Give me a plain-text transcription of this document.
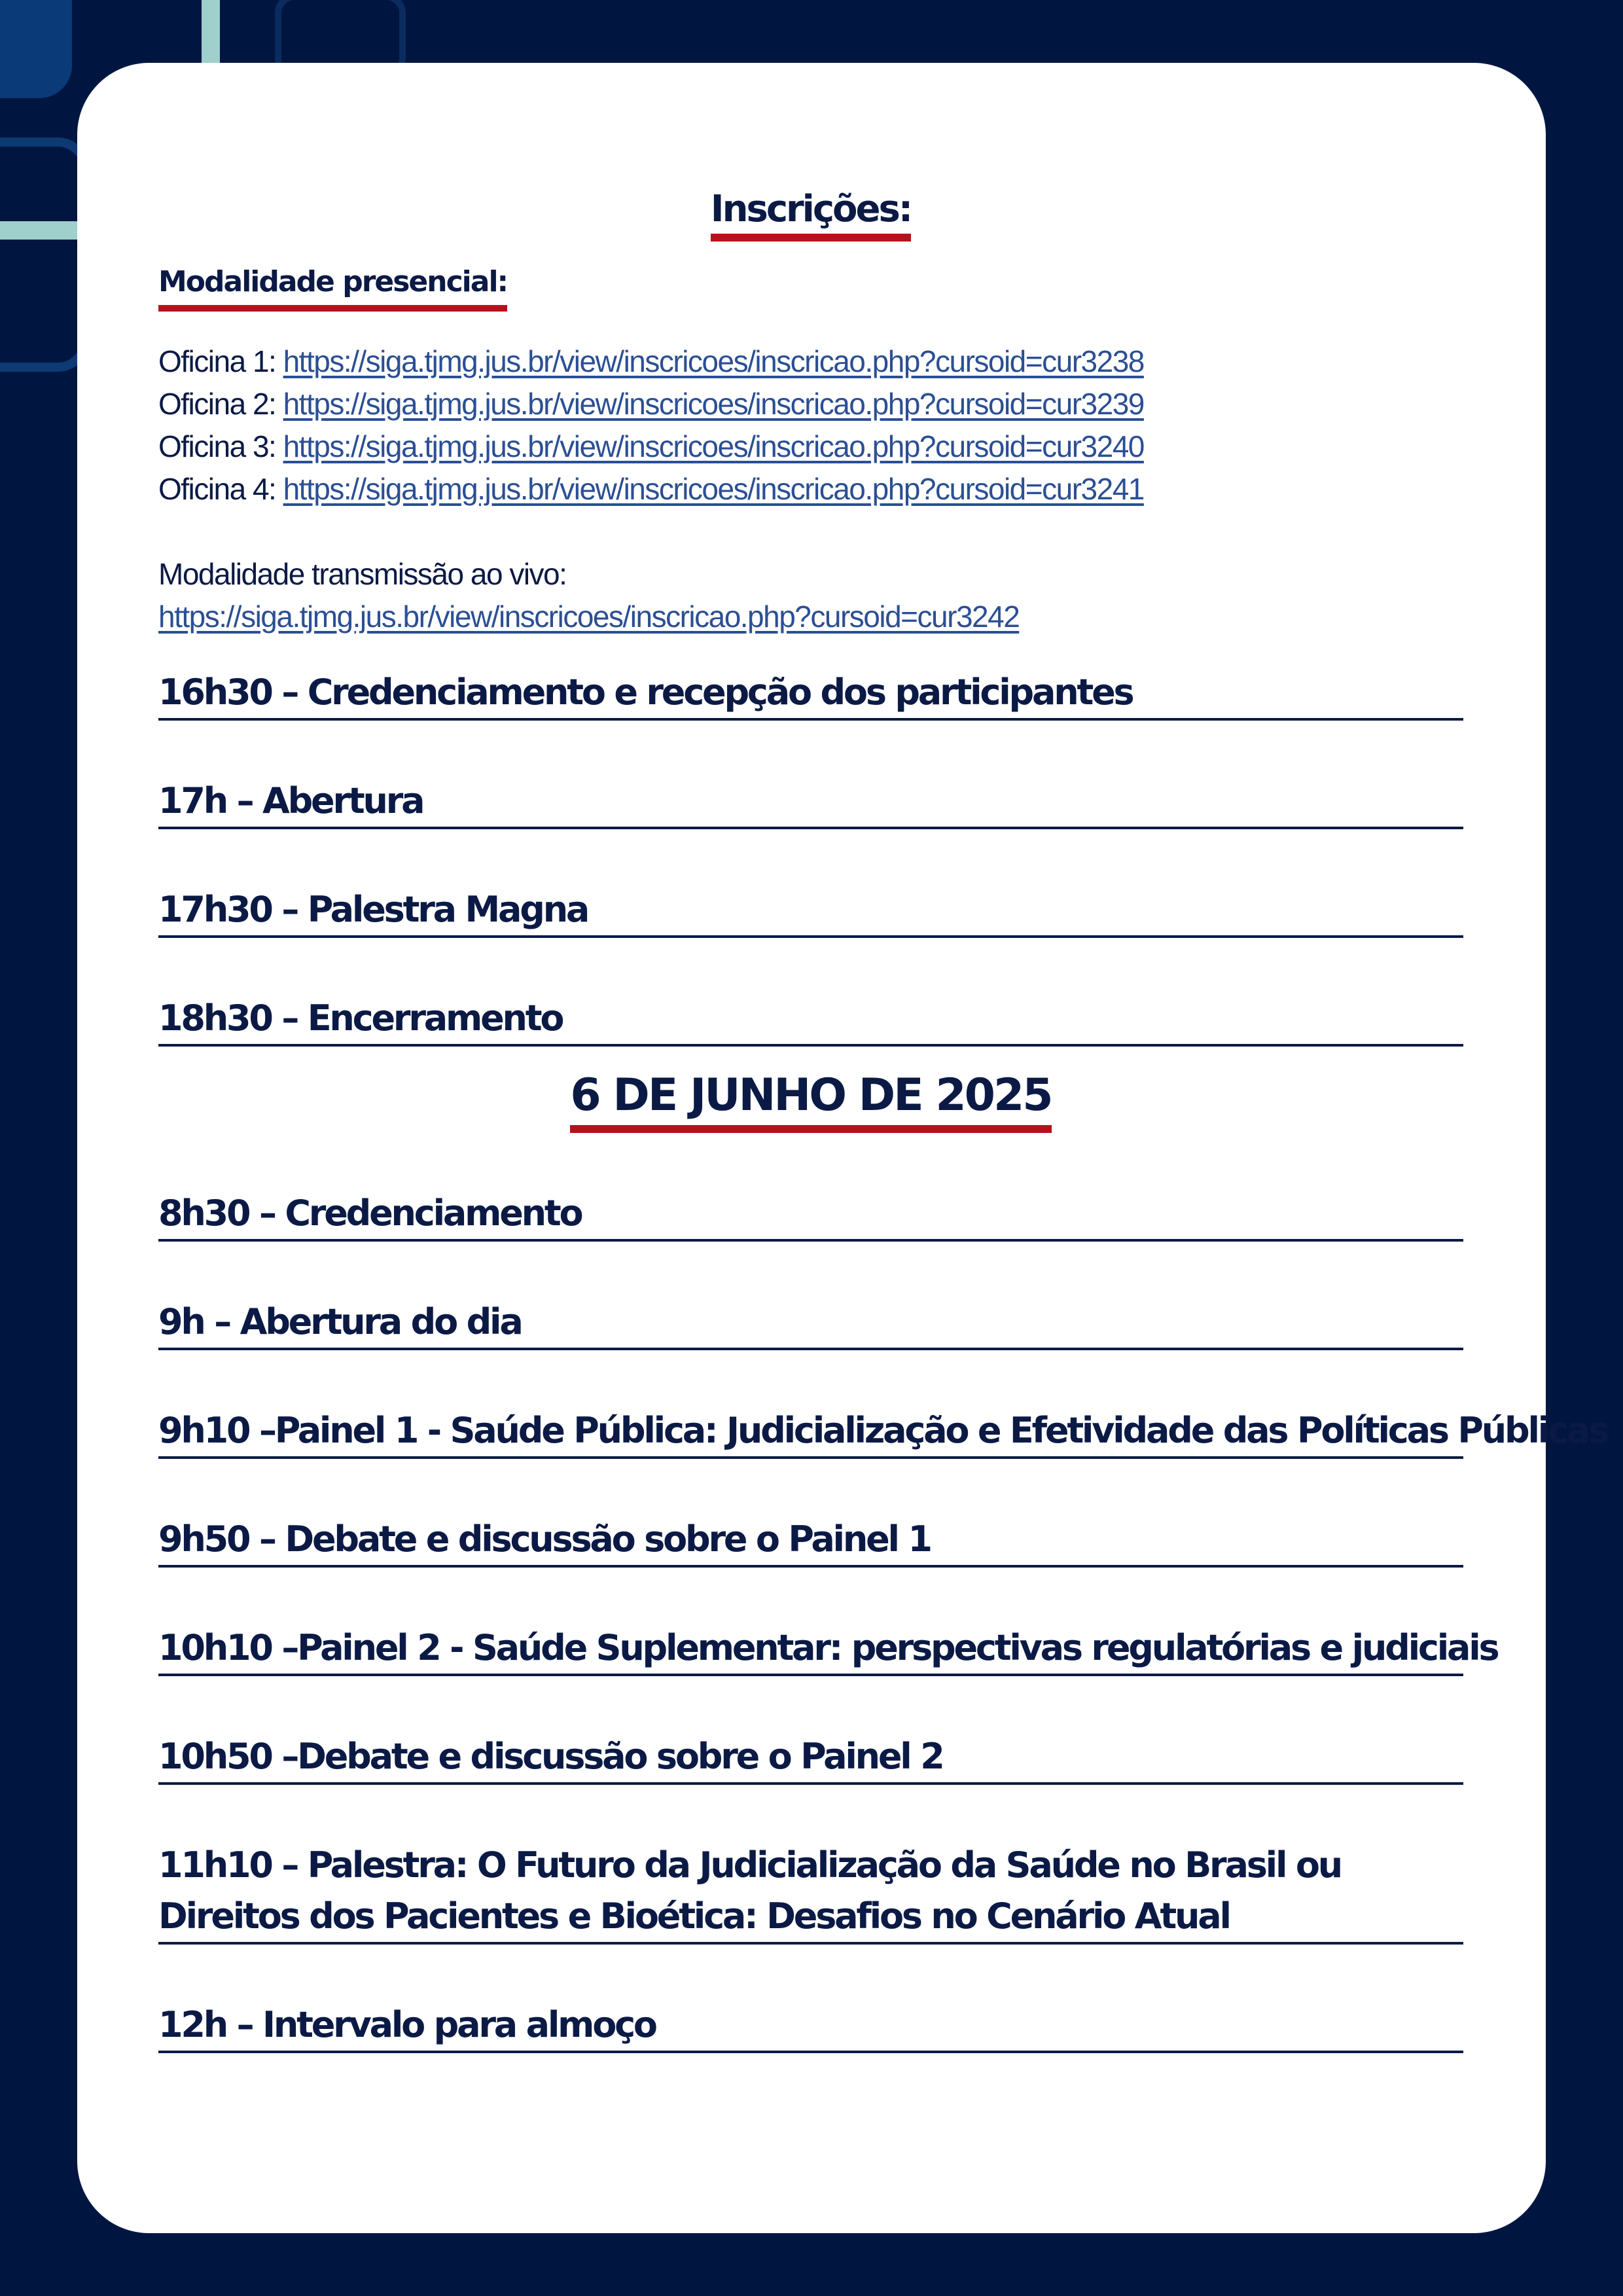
Inscrições:
Modalidade presencial:
Oficina 1: https://siga.tjmg.jus.br/view/inscricoes/inscricao.php?cursoid=cur3238
Oficina 2: https://siga.tjmg.jus.br/view/inscricoes/inscricao.php?cursoid=cur3239
Oficina 3: https://siga.tjmg.jus.br/view/inscricoes/inscricao.php?cursoid=cur3240
Oficina 4: https://siga.tjmg.jus.br/view/inscricoes/inscricao.php?cursoid=cur3241
Modalidade transmissão ao vivo:
https://siga.tjmg.jus.br/view/inscricoes/inscricao.php?cursoid=cur3242
16h30 – Credenciamento e recepção dos participantes
17h – Abertura
17h30 – Palestra Magna
18h30 – Encerramento
6 DE JUNHO DE 2025
8h30 – Credenciamento
9h – Abertura do dia
9h10 –Painel 1 - Saúde Pública: Judicialização e Efetividade das Políticas Públicas
9h50 – Debate e discussão sobre o Painel 1
10h10 –Painel 2 - Saúde Suplementar: perspectivas regulatórias e judiciais
10h50 –Debate e discussão sobre o Painel 2
11h10 – Palestra: O Futuro da Judicialização da Saúde no Brasil ou Direitos dos Pacientes e Bioética: Desafios no Cenário Atual
12h – Intervalo para almoço
